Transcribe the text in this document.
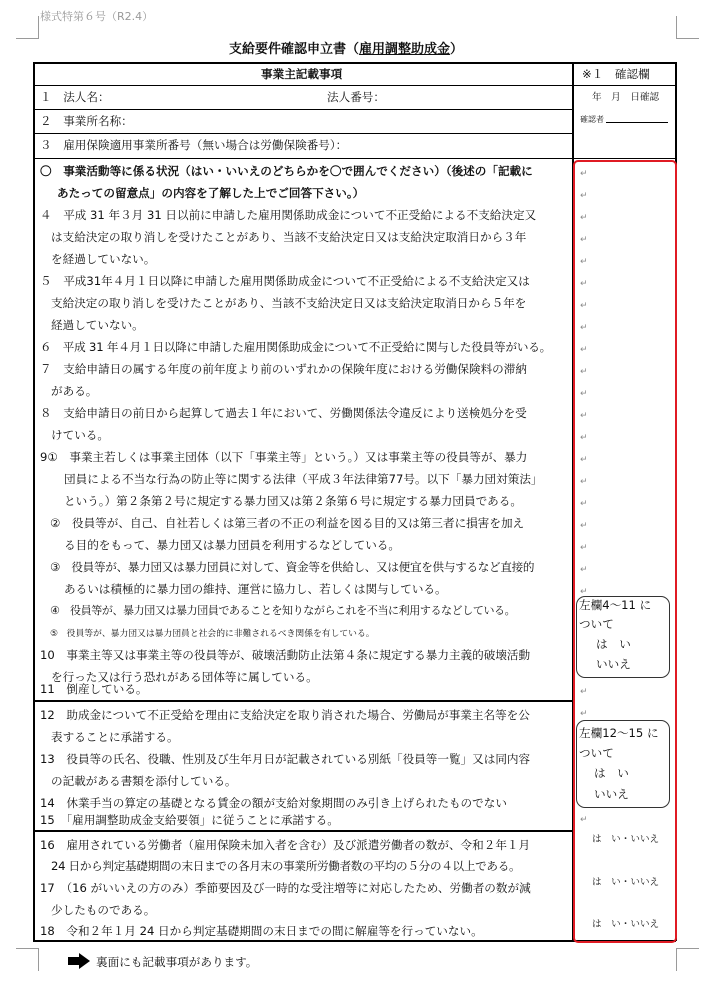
様式特第６号（R2.4）
支給要件確認申立書（雇用調整助成金）
事業主記載事項	※１　確認欄
１　法人名：	法人番号：
２　事業所名称：
３　雇用保険適用事業所番号（無い場合は労働保険番号）：
年　月　日確認
確認者
〇　事業活動等に係る状況（はい・いいえのどちらかを〇で囲んでください）（後述の「記載に
あたっての留意点」の内容を了解した上でご回答下さい。）
４　平成 31 年３月 31 日以前に申請した雇用関係助成金について不正受給による不支給決定又
は支給決定の取り消しを受けたことがあり、当該不支給決定日又は支給決定取消日から３年
を経過していない。
５　平成31年４月１日以降に申請した雇用関係助成金について不正受給による不支給決定又は
支給決定の取り消しを受けたことがあり、当該不支給決定日又は支給決定取消日から５年を
経過していない。
６　平成 31 年４月１日以降に申請した雇用関係助成金について不正受給に関与した役員等がいる。
７　支給申請日の属する年度の前年度より前のいずれかの保険年度における労働保険料の滞納
がある。
８　支給申請日の前日から起算して過去１年において、労働関係法令違反により送検処分を受
けている。
9①　事業主若しくは事業主団体（以下「事業主等」という。）又は事業主等の役員等が、暴力
団員による不当な行為の防止等に関する法律（平成３年法律第77号。以下「暴力団対策法」
という。）第２条第２号に規定する暴力団又は第２条第６号に規定する暴力団員である。
②　役員等が、自己、自社若しくは第三者の不正の利益を図る目的又は第三者に損害を加え
る目的をもって、暴力団又は暴力団員を利用するなどしている。
③　役員等が、暴力団又は暴力団員に対して、資金等を供給し、又は便宜を供与するなど直接的
あるいは積極的に暴力団の維持、運営に協力し、若しくは関与している。
④　役員等が、暴力団又は暴力団員であることを知りながらこれを不当に利用するなどしている。
⑤　役員等が、暴力団又は暴力団員と社会的に非難されるべき関係を有している。
10　事業主等又は事業主等の役員等が、破壊活動防止法第４条に規定する暴力主義的破壊活動
を行った又は行う恐れがある団体等に属している。
11　倒産している。
12　助成金について不正受給を理由に支給決定を取り消された場合、労働局が事業主名等を公
表することに承諾する。
13　役員等の氏名、役職、性別及び生年月日が記載されている別紙「役員等一覧」又は同内容
の記載がある書類を添付している。
14　休業手当の算定の基礎となる賃金の額が支給対象期間のみ引き上げられたものでない
15　「雇用調整助成金支給要領」に従うことに承諾する。
16　雇用されている労働者（雇用保険未加入者を含む）及び派遣労働者の数が、令和２年１月
24 日から判定基礎期間の末日までの各月末の事業所労働者数の平均の５分の４以上である。
17　（16 がいいえの方のみ）季節要因及び一時的な受注増等に対応したため、労働者の数が減
少したものである。
18　令和２年１月 24 日から判定基礎期間の末日までの間に解雇等を行っていない。
左欄4～11 に
ついて
は　い
いいえ
左欄12～15 に
ついて
は　い
いいえ
は　い・いいえ
は　い・いいえ
は　い・いいえ
↵
↵
↵
↵
↵
↵
↵
↵
↵
↵
↵
↵
↵
↵
↵
↵
↵
↵
↵
↵
↵
↵
↵
裏面にも記載事項があります。
